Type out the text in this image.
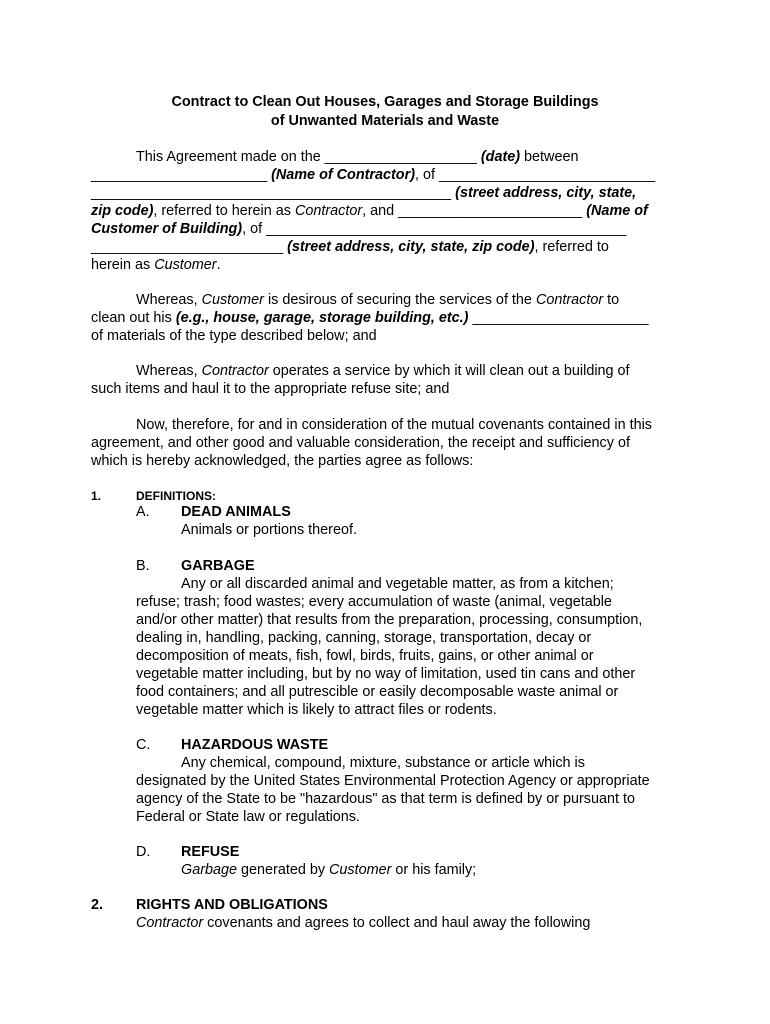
Contract to Clean Out Houses, Garages and Storage Buildings
of Unwanted Materials and Waste
This Agreement made on the ___________________ (date) between
______________________ (Name of Contractor), of ___________________________
_____________________________________________ (street address, city, state,
zip code), referred to herein as Contractor, and _______________________ (Name of
Customer of Building), of _____________________________________________
________________________ (street address, city, state, zip code), referred to
herein as Customer.
Whereas, Customer is desirous of securing the services of the Contractor to
clean out his (e.g., house, garage, storage building, etc.) ______________________
of materials of the type described below; and
Whereas, Contractor operates a service by which it will clean out a building of
such items and haul it to the appropriate refuse site; and
Now, therefore, for and in consideration of the mutual covenants contained in this
agreement, and other good and valuable consideration, the receipt and sufficiency of
which is hereby acknowledged, the parties agree as follows:
1.	DEFINITIONS:
A. DEAD ANIMALS
Animals or portions thereof.
B. GARBAGE
Any or all discarded animal and vegetable matter, as from a kitchen;
refuse; trash; food wastes; every accumulation of waste (animal, vegetable
and/or other matter) that results from the preparation, processing, consumption,
dealing in, handling, packing, canning, storage, transportation, decay or
decomposition of meats, fish, fowl, birds, fruits, gains, or other animal or
vegetable matter including, but by no way of limitation, used tin cans and other
food containers; and all putrescible or easily decomposable waste animal or
vegetable matter which is likely to attract files or rodents.
C. HAZARDOUS WASTE
Any chemical, compound, mixture, substance or article which is
designated by the United States Environmental Protection Agency or appropriate
agency of the State to be "hazardous" as that term is defined by or pursuant to
Federal or State law or regulations.
D. REFUSE
Garbage generated by Customer or his family;
2. RIGHTS AND OBLIGATIONS
Contractor covenants and agrees to collect and haul away the following
